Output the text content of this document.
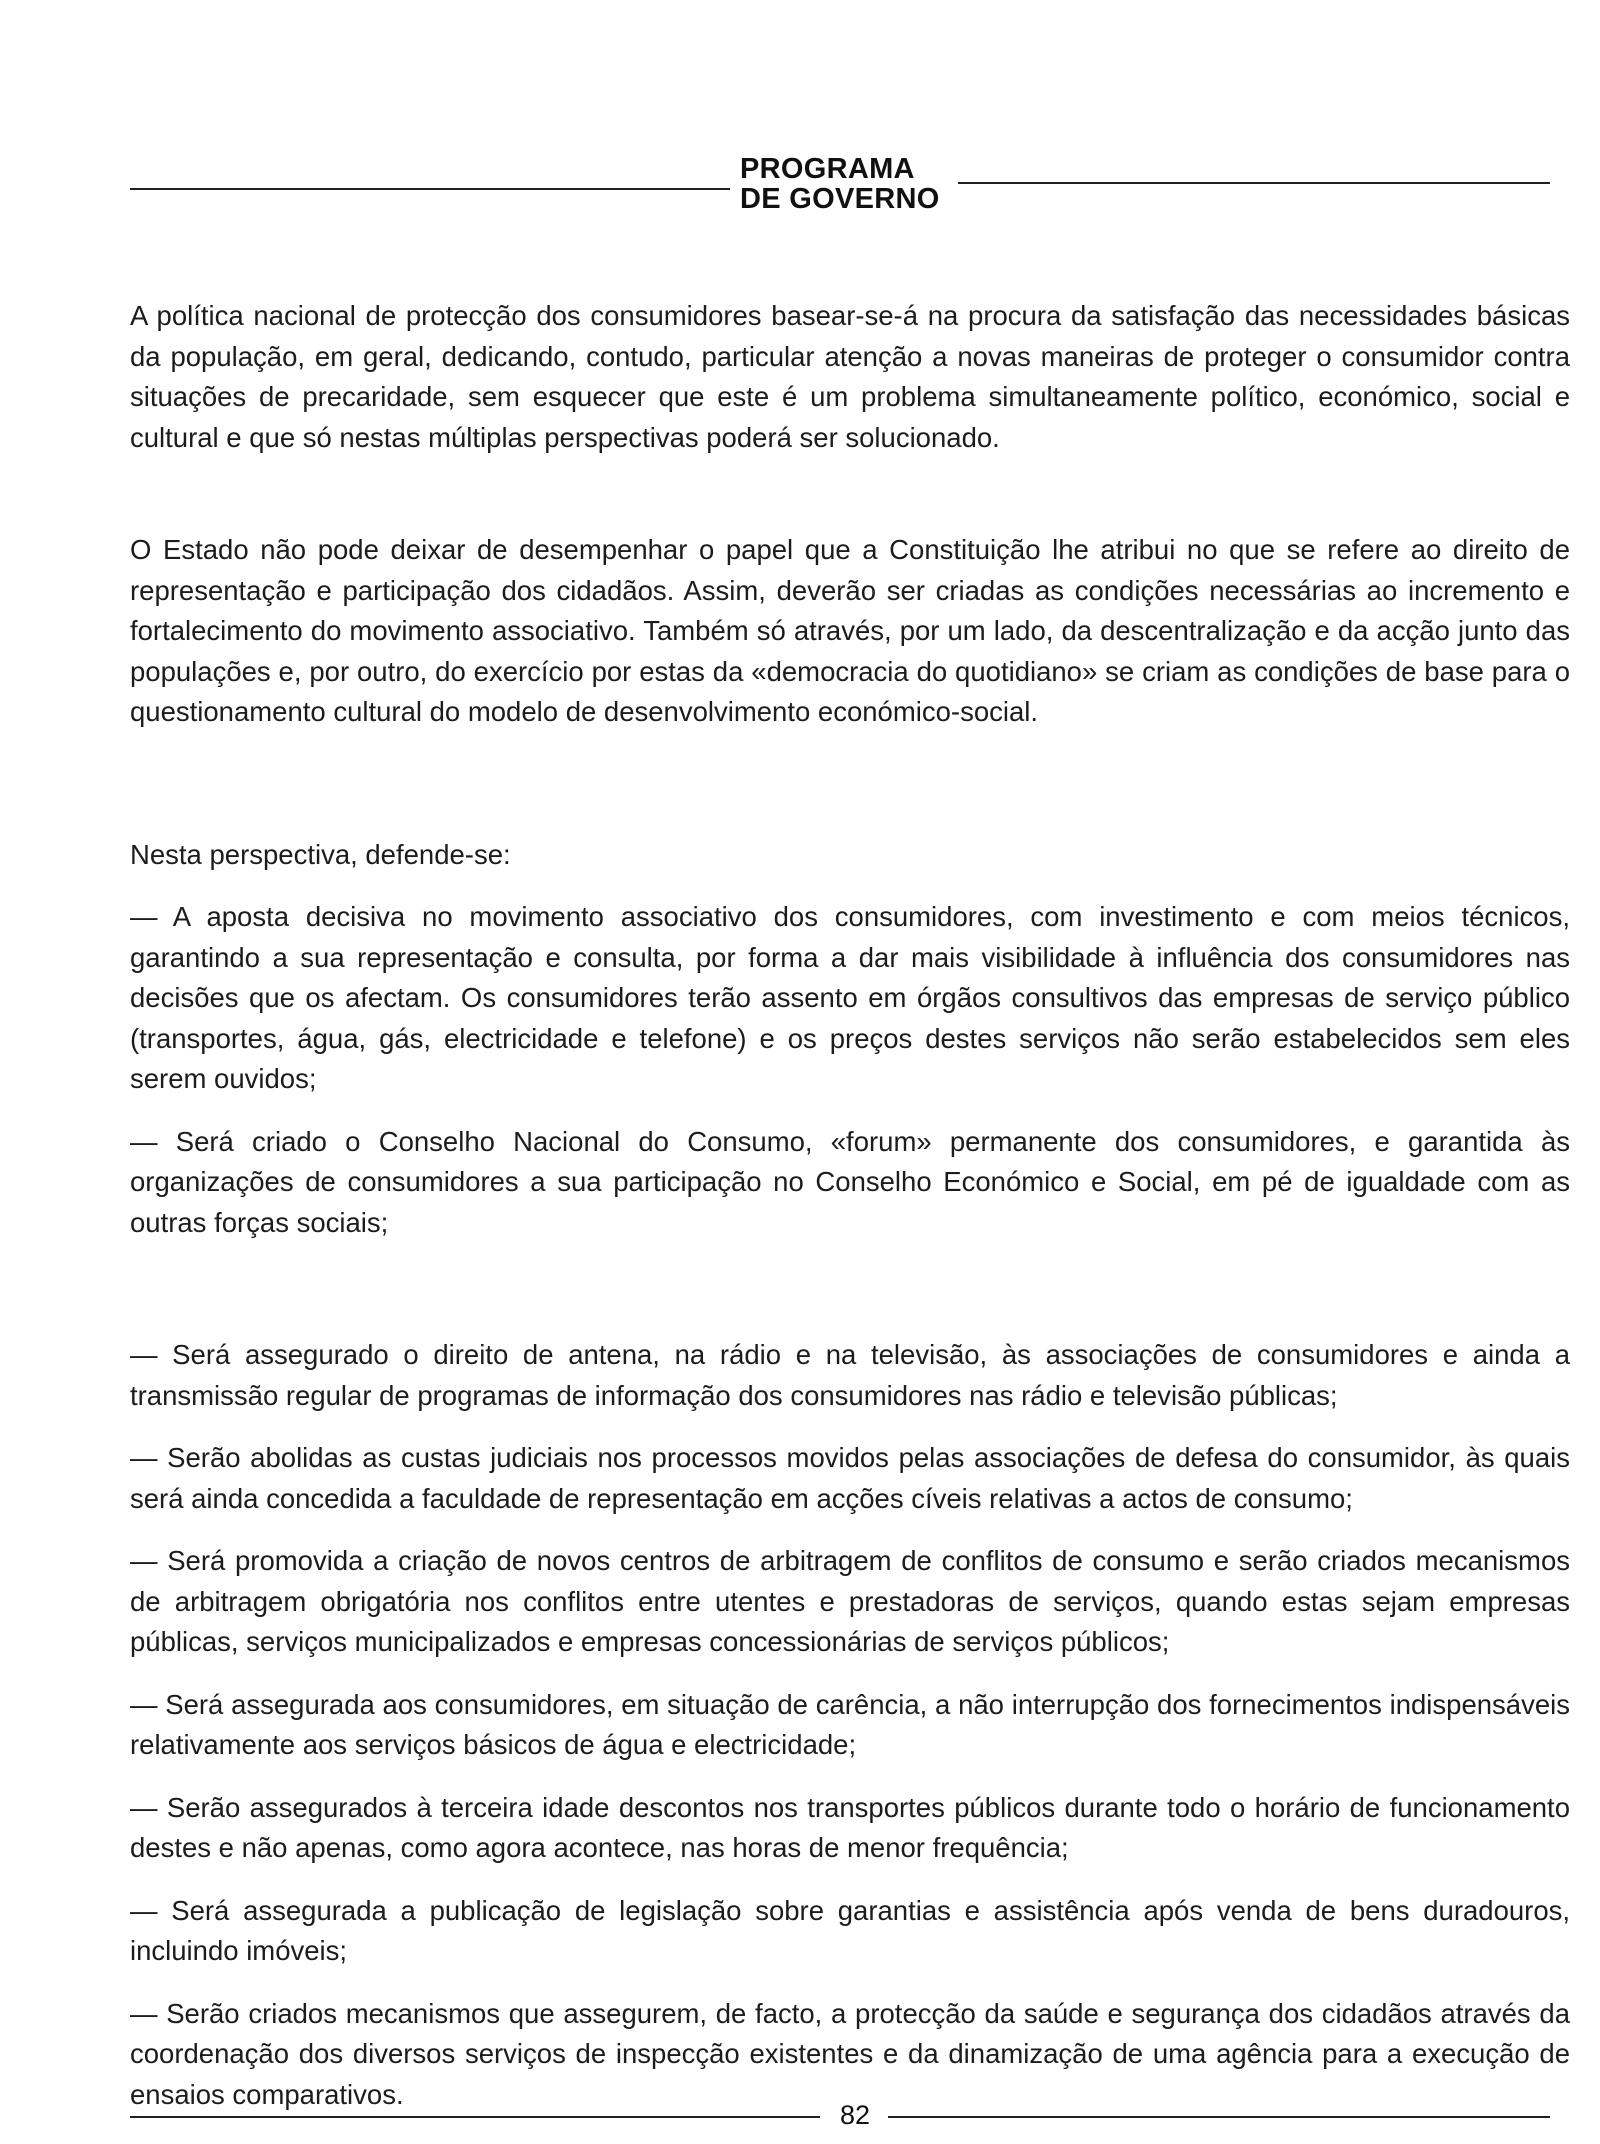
PROGRAMA
DE GOVERNO

A política nacional de protecção dos consumidores basear-se-á na procura da satisfação das necessidades básicas da população, em geral, dedicando, contudo, particular atenção a novas maneiras de proteger o consumidor contra situações de precaridade, sem esquecer que este é um problema simultaneamente político, económico, social e cultural e que só nestas múltiplas perspectivas poderá ser solucionado.

O Estado não pode deixar de desempenhar o papel que a Constituição lhe atribui no que se refere ao direito de representação e participação dos cidadãos. Assim, deverão ser criadas as condições necessárias ao incremento e fortalecimento do movimento associativo. Também só através, por um lado, da descentralização e da acção junto das populações e, por outro, do exercício por estas da «democracia do quotidiano» se criam as condições de base para o questionamento cultural do modelo de desenvolvimento económico-social.

Nesta perspectiva, defende-se:

— A aposta decisiva no movimento associativo dos consumidores, com investimento e com meios técnicos, garantindo a sua representação e consulta, por forma a dar mais visibilidade à influência dos consumidores nas decisões que os afectam. Os consumidores terão assento em órgãos consultivos das empresas de serviço público (transportes, água, gás, electricidade e telefone) e os preços destes serviços não serão estabelecidos sem eles serem ouvidos;

— Será criado o Conselho Nacional do Consumo, «forum» permanente dos consumidores, e garantida às organizações de consumidores a sua participação no Conselho Económico e Social, em pé de igualdade com as outras forças sociais;

— Será assegurado o direito de antena, na rádio e na televisão, às associações de consumidores e ainda a transmissão regular de programas de informação dos consumidores nas rádio e televisão públicas;

— Serão abolidas as custas judiciais nos processos movidos pelas associações de defesa do consumidor, às quais será ainda concedida a faculdade de representação em acções cíveis relativas a actos de consumo;

— Será promovida a criação de novos centros de arbitragem de conflitos de consumo e serão criados mecanismos de arbitragem obrigatória nos conflitos entre utentes e prestadoras de serviços, quando estas sejam empresas públicas, serviços municipalizados e empresas concessionárias de serviços públicos;

— Será assegurada aos consumidores, em situação de carência, a não interrupção dos fornecimentos indispensáveis relativamente aos serviços básicos de água e electricidade;

— Serão assegurados à terceira idade descontos nos transportes públicos durante todo o horário de funcionamento destes e não apenas, como agora acontece, nas horas de menor frequência;

— Será assegurada a publicação de legislação sobre garantias e assistência após venda de bens duradouros, incluindo imóveis;

— Serão criados mecanismos que assegurem, de facto, a protecção da saúde e segurança dos cidadãos através da coordenação dos diversos serviços de inspecção existentes e da dinamização de uma agência para a execução de ensaios comparativos.

82
